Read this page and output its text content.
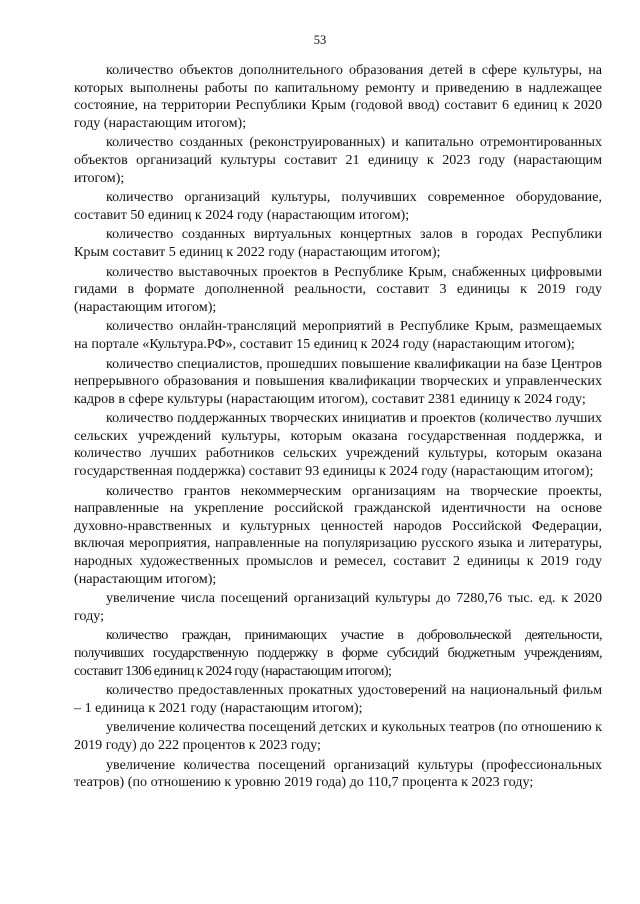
53

количество объектов дополнительного образования детей в сфере культуры, на которых выполнены работы по капитальному ремонту и приведению в надлежащее состояние, на территории Республики Крым (годовой ввод) составит 6 единиц к 2020 году (нарастающим итогом);

количество созданных (реконструированных) и капитально отремонтированных объектов организаций культуры составит 21 единицу к 2023 году (нарастающим итогом);

количество организаций культуры, получивших современное оборудование, составит 50 единиц к 2024 году (нарастающим итогом);

количество созданных виртуальных концертных залов в городах Республики Крым составит 5 единиц к 2022 году (нарастающим итогом);

количество выставочных проектов в Республике Крым, снабженных цифровыми гидами в формате дополненной реальности, составит 3 единицы к 2019 году (нарастающим итогом);

количество онлайн-трансляций мероприятий в Республике Крым, размещаемых на портале «Культура.РФ», составит 15 единиц к 2024 году (нарастающим итогом);

количество специалистов, прошедших повышение квалификации на базе Центров непрерывного образования и повышения квалификации творческих и управленческих кадров в сфере культуры (нарастающим итогом), составит 2381 единицу к 2024 году;

количество поддержанных творческих инициатив и проектов (количество лучших сельских учреждений культуры, которым оказана государственная поддержка, и количество лучших работников сельских учреждений культуры, которым оказана государственная поддержка) составит 93 единицы к 2024 году (нарастающим итогом);

количество грантов некоммерческим организациям на творческие проекты, направленные на укрепление российской гражданской идентичности на основе духовно-нравственных и культурных ценностей народов Российской Федерации, включая мероприятия, направленные на популяризацию русского языка и литературы, народных художественных промыслов и ремесел, составит 2 единицы к 2019 году (нарастающим итогом);

увеличение числа посещений организаций культуры до 7280,76 тыс. ед. к 2020 году;

количество граждан, принимающих участие в добровольческой деятельности, получивших государственную поддержку в форме субсидий бюджетным учреждениям, составит 1306 единиц к 2024 году (нарастающим итогом);

количество предоставленных прокатных удостоверений на национальный фильм – 1 единица к 2021 году (нарастающим итогом);

увеличение количества посещений детских и кукольных театров (по отношению к 2019 году) до 222 процентов к 2023 году;

увеличение количества посещений организаций культуры (профессиональных театров) (по отношению к уровню 2019 года) до 110,7 процента к 2023 году;
